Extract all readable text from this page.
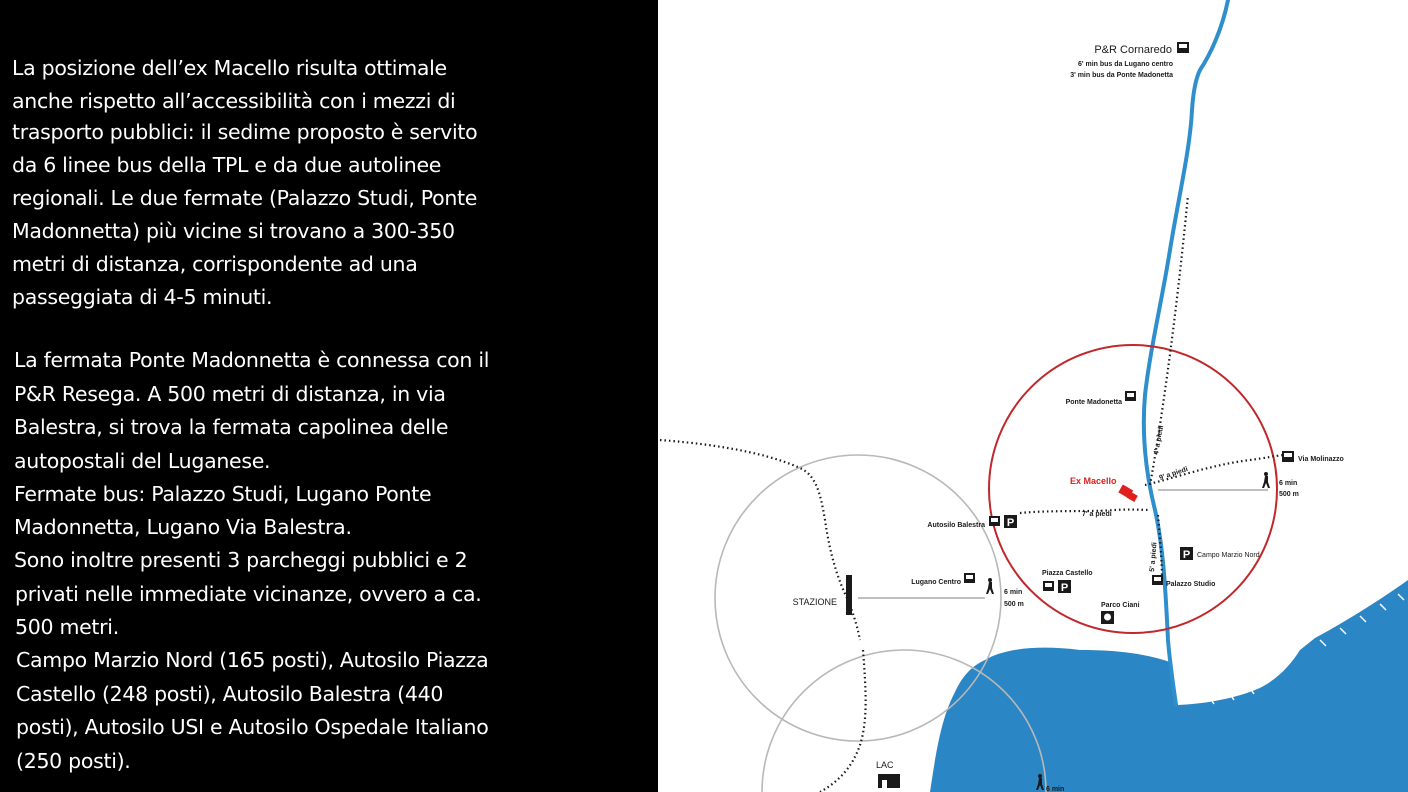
La posizione dell’ex Macello risulta ottimale
anche rispetto all’accessibilità con i mezzi di
trasporto pubblici: il sedime proposto è servito
da 6 linee bus della TPL e da due autolinee
regionali. Le due fermate (Palazzo Studi, Ponte
Madonnetta) più vicine si trovano a 300-350
metri di distanza, corrispondente ad una
passeggiata di 4-5 minuti.
La fermata Ponte Madonnetta è connessa con il
P&R Resega. A 500 metri di distanza, in via
Balestra, si trova la fermata capolinea delle
autopostali del Luganese.
Fermate bus: Palazzo Studi, Lugano Ponte
Madonnetta, Lugano Via Balestra.
Sono inoltre presenti 3 parcheggi pubblici e 2
privati nelle immediate vicinanze, ovvero a ca.
500 metri.
Campo Marzio Nord (165 posti), Autosilo Piazza
Castello (248 posti), Autosilo Balestra (440
posti), Autosilo USI e Autosilo Ospedale Italiano
(250 posti).
P
P
P
P&R Cornaredo
6' min bus da Lugano centro
3' min bus da Ponte Madonetta
Ponte Madonetta
4' a piedi
9' a piedi
Via Molinazzo
Ex Macello	6 min
500 m
Autosilo Balestra
7' a piedi
5' a piedi	Campo Marzio Nord
Piazza Castello
Palazzo Studio
Lugano Centro
6 min
500 m
STAZIONE	Parco Ciani
LAC
6 min
